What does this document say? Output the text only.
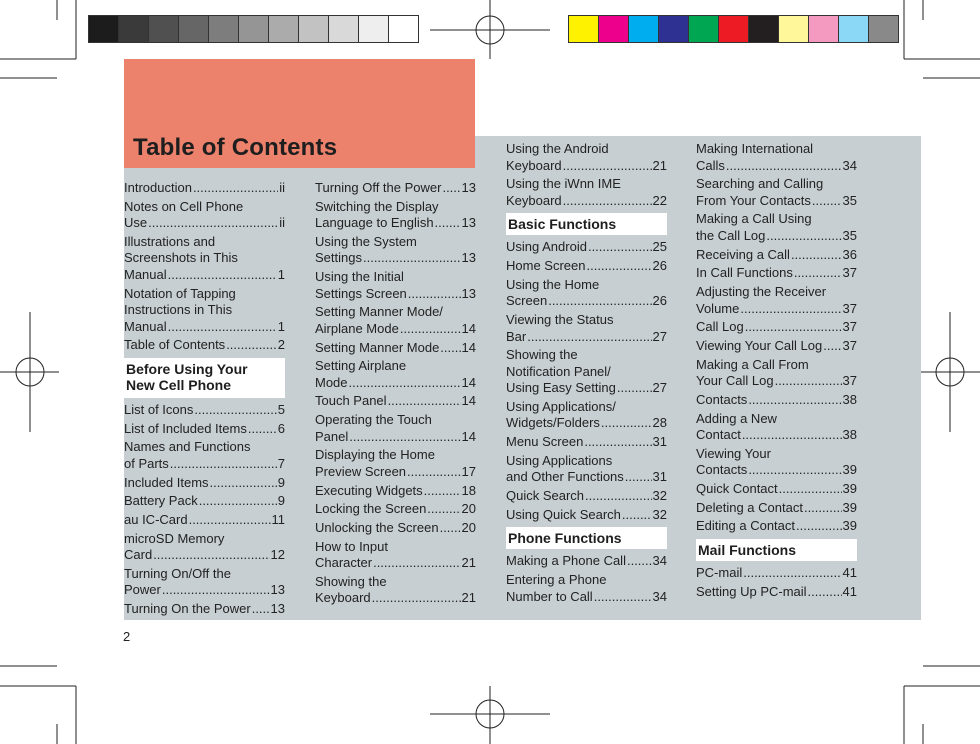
Table of Contents
Introduction .....	ii
Notes on Cell Phone
Use .....	ii
Illustrations and
Screenshots in This
Manual .....	1
Notation of Tapping
Instructions in This
Manual .....	1
Table of Contents .....	2
Before Using Your
New Cell Phone
List of Icons .....	5
List of Included Items ..... 6
Names and Functions
of Parts .....	7
Included Items .....	9
Battery Pack .....	9
au IC-Card .....	11
microSD Memory
Card .....	12
Turning On/Off the
Power .....	13
Turning On the Power ..... 13
Turning Off the Power ..... 13
Switching the Display
Language to English ..... 13
Using the System
Settings .....	13
Using the Initial
Settings Screen .....	13
Setting Manner Mode/
Airplane Mode .....	14
Setting Manner Mode ..... 14
Setting Airplane
Mode .....	14
Touch Panel .....	14
Operating the Touch
Panel .....	14
Displaying the Home
Preview Screen .....	17
Executing Widgets .....	18
Locking the Screen .....	20
Unlocking the Screen ..... 20
How to Input
Character .....	21
Showing the
Keyboard .....	21
Using the Android
Keyboard .....	21
Using the iWnn IME
Keyboard .....	22
Basic Functions
Using Android .....	25
Home Screen .....	26
Using the Home
Screen .....	26
Viewing the Status
Bar .....	27
Showing the
Notification Panel/
Using Easy Setting .....	27
Using Applications/
Widgets/Folders .....	28
Menu Screen .....	31
Using Applications
and Other Functions ..... 31
Quick Search .....	32
Using Quick Search ..... 32
Phone Functions
Making a Phone Call ..... 34
Entering a Phone
Number to Call .....	34
Making International
Calls .....	34
Searching and Calling
From Your Contacts ..... 35
Making a Call Using
the Call Log .....	35
Receiving a Call .....	36
In Call Functions .....	37
Adjusting the Receiver
Volume .....	37
Call Log .....	37
Viewing Your Call Log ..... 37
Making a Call From
Your Call Log .....	37
Contacts .....	38
Adding a New
Contact .....	38
Viewing Your
Contacts .....	39
Quick Contact .....	39
Deleting a Contact .....	39
Editing a Contact .....	39
Mail Functions
PC-mail .....	41
Setting Up PC-mail .....	41
2
